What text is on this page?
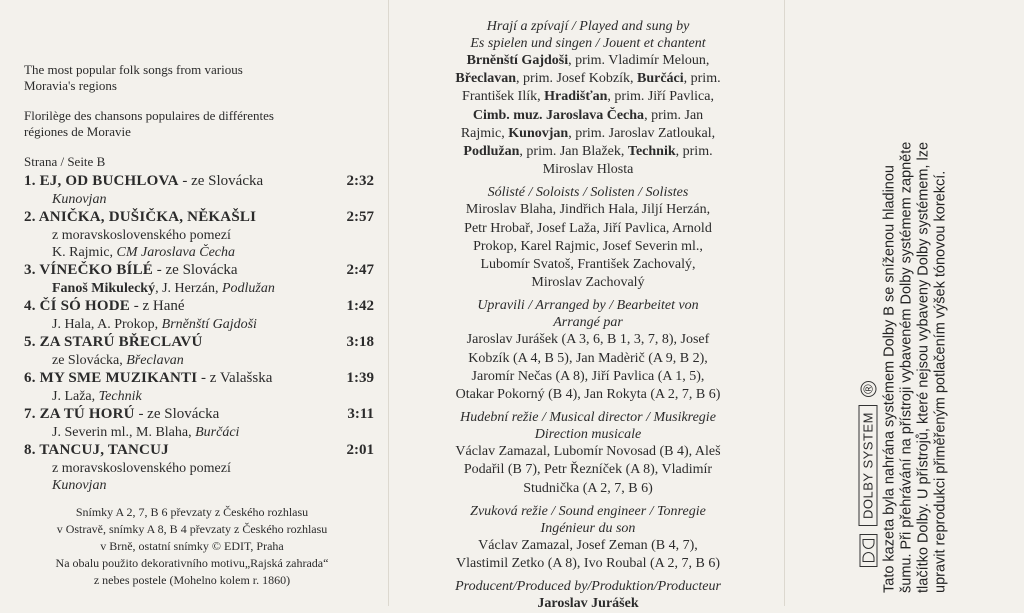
The most popular folk songs from various
Moravia's regions
Florilège des chansons populaires de différentes
régiones de Moravie
Strana / Seite B
1. EJ, OD BUCHLOVA - ze Slovácka	2:32
Kunovjan
2. ANIČKA, DUŠIČKA, NĚKAŠLI	2:57
z moravskoslovenského pomezí
K. Rajmic, CM Jaroslava Čecha
3. VÍNEČKO BÍLÉ - ze Slovácka	2:47
Fanoš Mikulecký, J. Herzán, Podlužan
4. ČÍ SÓ HODE - z Hané	1:42
J. Hala, A. Prokop, Brněnští Gajdoši
5. ZA STARÚ BŘECLAVÚ	3:18
ze Slovácka, Břeclavan
6. MY SME MUZIKANTI - z Valašska	1:39
J. Laža, Technik
7. ZA TÚ HORÚ - ze Slovácka	3:11
J. Severin ml., M. Blaha, Burčáci
8. TANCUJ, TANCUJ	2:01
z moravskoslovenského pomezí
Kunovjan
Snímky A 2, 7, B 6 převzaty z Českého rozhlasu
v Ostravě, snímky A 8, B 4 převzaty z Českého rozhlasu
v Brně, ostatní snímky © EDIT, Praha
Na obalu použito dekorativního motivu„Rajská zahrada“
z nebes postele (Mohelno kolem r. 1860)
Hrají a zpívají / Played and sung by
Es spielen und singen / Jouent et chantent
Brněnští Gajdoši, prim. Vladimír Meloun,
Břeclavan, prim. Josef Kobzík, Burčáci, prim.
František Ilík, Hradišťan, prim. Jiří Pavlica,
Cimb. muz. Jaroslava Čecha, prim. Jan
Rajmic, Kunovjan, prim. Jaroslav Zatloukal,
Podlužan, prim. Jan Blažek, Technik, prim.
Miroslav Hlosta
Sólisté / Soloists / Solisten / Solistes
Miroslav Blaha, Jindřich Hala, Jiljí Herzán,
Petr Hrobař, Josef Laža, Jiří Pavlica, Arnold
Prokop, Karel Rajmic, Josef Severin ml.,
Lubomír Svatoš, František Zachovalý,
Miroslav Zachovalý
Upravili / Arranged by / Bearbeitet von
Arrangé par
Jaroslav Jurášek (A 3, 6, B 1, 3, 7, 8), Josef
Kobzík (A 4, B 5), Jan Madèrič (A 9, B 2),
Jaromír Nečas (A 8), Jiří Pavlica (A 1, 5),
Otakar Pokorný (B 4), Jan Rokyta (A 2, 7, B 6)
Hudební režie / Musical director / Musikregie
Direction musicale
Václav Zamazal, Lubomír Novosad (B 4), Aleš
Podařil (B 7), Petr Řezníček (A 8), Vladimír
Studnička (A 2, 7, B 6)
Zvuková režie / Sound engineer / Tonregie
Ingénieur du son
Václav Zamazal, Josef Zeman (B 4, 7),
Vlastimil Zetko (A 8), Ivo Roubal (A 2, 7, B 6)
Producent/Produced by/Produktion/Producteur
Jaroslav Jurášek
DOLBY SYSTEM
® Tato kazeta byla nahrána systémem Dolby B se sníženou hladinou šumu. Při přehrávání na přístroji vybaveném Dolby systémem zapněte tlačítko Dolby. U přístrojů, které nejsou vybaveny Dolby systémem, lze upravit reprodukci přiměřeným potlačením výšek tónovou korekcí.
